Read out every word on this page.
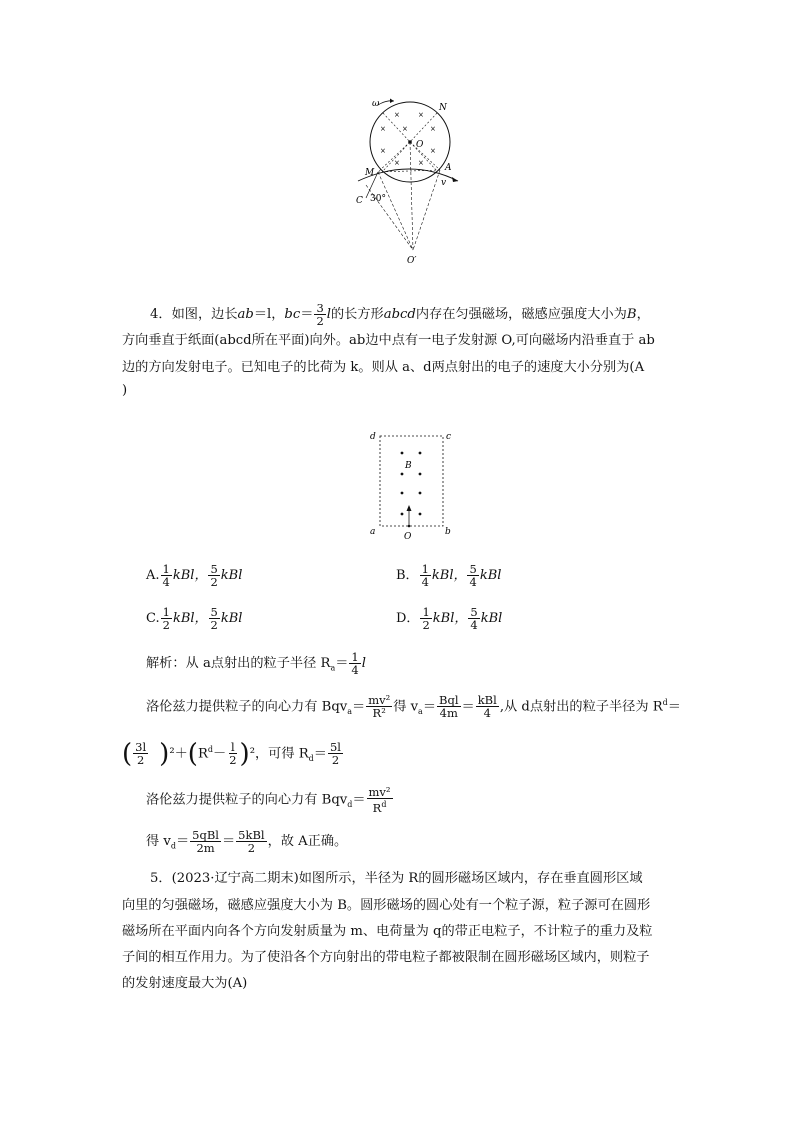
×	×
× ×	×
×	×
×	×
ω	N
O
M	A
v
C 30°
O′
4．如图，边长ab＝l，$bc= \frac{3}{2}$ l的长方形abcd内存在匀强磁场，磁感应强度大小为B，
方向垂直于纸面(abcd所在平面)向外。ab边中点有一电子发射源 O,可向磁场内沿垂直于 ab
边的方向发射电子。已知电子的比荷为 k。则从 a、d两点射出的电子的速度大小分别为(A
)
d	c
B
a	b
O
A. $\frac{1}{4}$ kBl， $\frac{5}{2}$ kBl	B． $\frac{1}{4}$ kBl， $\frac{5}{4}$ kBl
C. $\frac{1}{2}$ kBl， $\frac{5}{2}$ kBl	D． $\frac{1}{2}$ kBl， $\frac{5}{4}$ kBl
解析：从 a点射出的粒子半径 $R_a= \frac{1}{4}$ l
洛伦兹力提供粒子的向心力有 $Bqv_a= \frac{\text{mv²}}{\text{R²}}$ 得 $v_a= \frac{\text{Bql}}{4m} = \frac{\text{kBl}}{4}$ ,从 d点射出的粒子半径为 $R^d=$
( $\frac{3l}{2} )^2+(R^d- \frac{l}{2} )^2$，可得 $R_d= \frac{5l}{2}$
洛伦兹力提供粒子的向心力有 $Bqv_d= \frac{\text{mv²}}{R^d}$
得 $v_d= \frac{\text{5qBl}}{2m} = \frac{\text{5kBl}}{2}$ ，故 A正确。
5．(2023·辽宁高二期末)如图所示，半径为 R的圆形磁场区域内，存在垂直圆形区域
向里的匀强磁场，磁感应强度大小为 B。圆形磁场的圆心处有一个粒子源，粒子源可在圆形
磁场所在平面内向各个方向发射质量为 m、电荷量为 q的带正电粒子，不计粒子的重力及粒
子间的相互作用力。为了使沿各个方向射出的带电粒子都被限制在圆形磁场区域内，则粒子
的发射速度最大为(A)
